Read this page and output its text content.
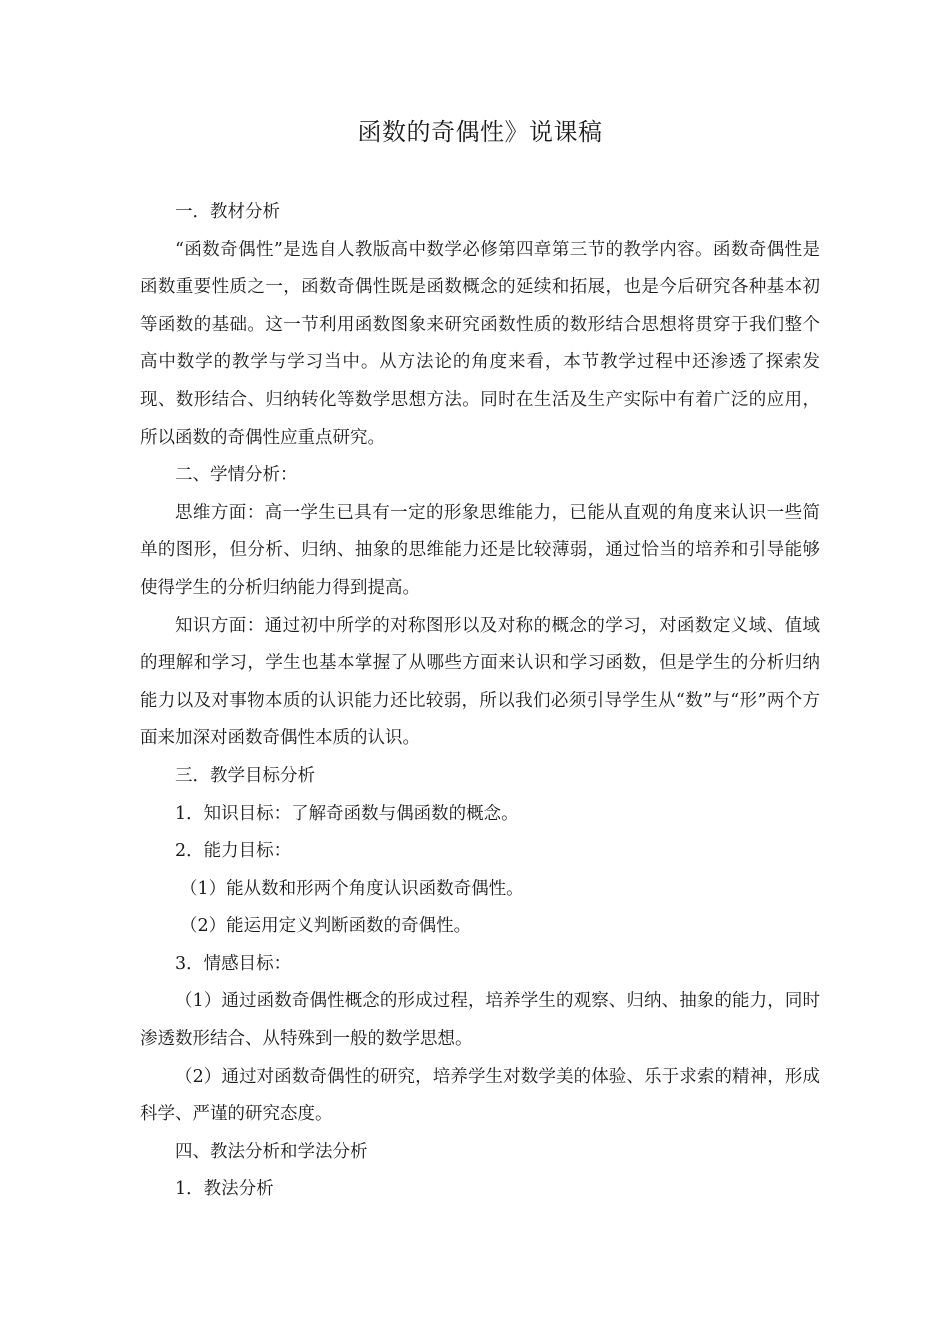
函数的奇偶性》说课稿

一．教材分析

“函数奇偶性”是选自人教版高中数学必修第四章第三节的教学内容。函数奇偶性是函数重要性质之一，函数奇偶性既是函数概念的延续和拓展，也是今后研究各种基本初等函数的基础。这一节利用函数图象来研究函数性质的数形结合思想将贯穿于我们整个高中数学的教学与学习当中。从方法论的角度来看，本节教学过程中还渗透了探索发现、数形结合、归纳转化等数学思想方法。同时在生活及生产实际中有着广泛的应用，所以函数的奇偶性应重点研究。

二、学情分析：

思维方面：高一学生已具有一定的形象思维能力，已能从直观的角度来认识一些简单的图形，但分析、归纳、抽象的思维能力还是比较薄弱，通过恰当的培养和引导能够使得学生的分析归纳能力得到提高。

知识方面：通过初中所学的对称图形以及对称的概念的学习，对函数定义域、值域的理解和学习，学生也基本掌握了从哪些方面来认识和学习函数，但是学生的分析归纳能力以及对事物本质的认识能力还比较弱，所以我们必须引导学生从“数”与“形”两个方面来加深对函数奇偶性本质的认识。

三．教学目标分析

1．知识目标：了解奇函数与偶函数的概念。

2．能力目标：

（1）能从数和形两个角度认识函数奇偶性。

（2）能运用定义判断函数的奇偶性。

3．情感目标：

（1）通过函数奇偶性概念的形成过程，培养学生的观察、归纳、抽象的能力，同时渗透数形结合、从特殊到一般的数学思想。

（2）通过对函数奇偶性的研究，培养学生对数学美的体验、乐于求索的精神，形成科学、严谨的研究态度。

四、教法分析和学法分析

1．教法分析
